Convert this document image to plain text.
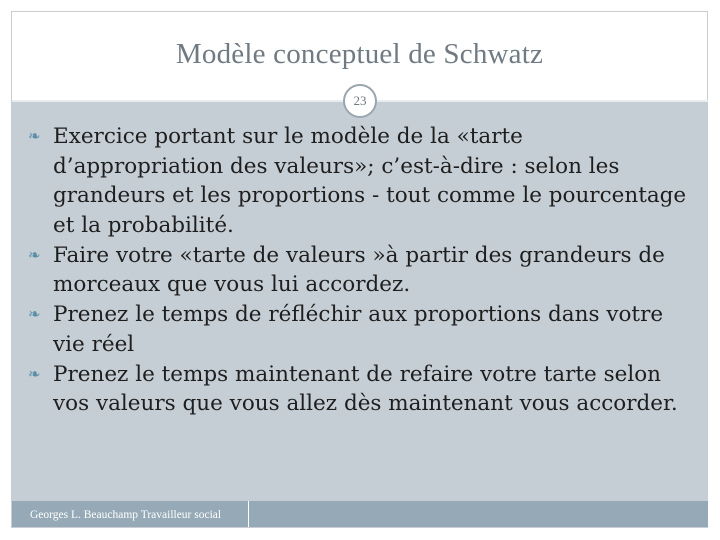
Modèle conceptuel de Schwatz
23
❧ Exercice portant sur le modèle de la «tarte d’appropriation des valeurs»; c’est-à-dire : selon les grandeurs et les proportions - tout comme le pourcentage et la probabilité.
❧ Faire votre «tarte de valeurs »à partir des grandeurs de morceaux que vous lui accordez.
❧ Prenez le temps de réfléchir aux proportions dans votre vie réel
❧ Prenez le temps maintenant de refaire votre tarte selon vos valeurs que vous allez dès maintenant vous accorder.
Georges L. Beauchamp Travailleur social
